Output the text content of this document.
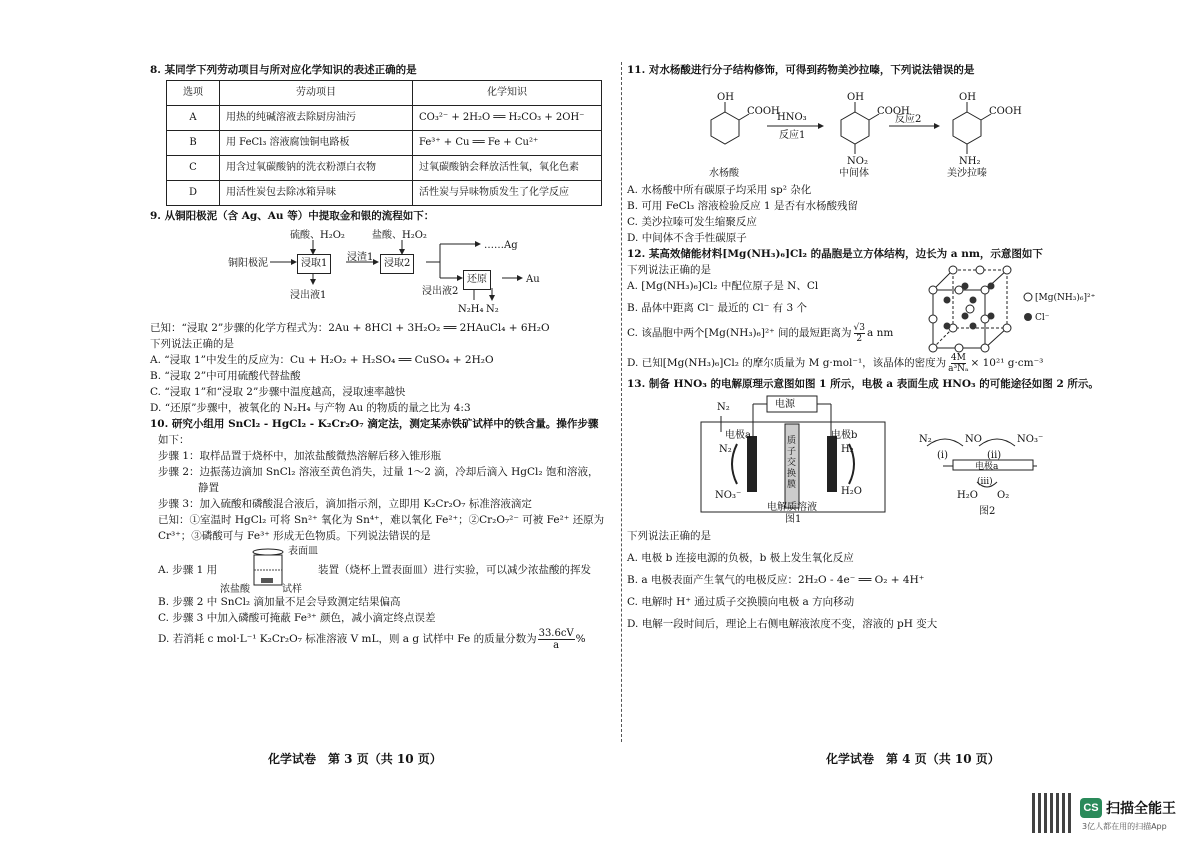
8. 某同学下列劳动项目与所对应化学知识的表述正确的是
选项	劳动项目	化学知识
A	用热的纯碱溶液去除厨房油污	CO₃²⁻ + 2H₂O ══ H₂CO₃ + 2OH⁻
B	用 FeCl₃ 溶液腐蚀铜电路板	Fe³⁺ + Cu ══ Fe + Cu²⁺
C	用含过氧碳酸钠的洗衣粉漂白衣物	过氧碳酸钠会释放活性氧，氧化色素
D	用活性炭包去除冰箱异味	活性炭与异味物质发生了化学反应
9. 从铜阳极泥（含 Ag、Au 等）中提取金和银的流程如下：
铜阳极泥
硫酸、H₂O₂
浸取1
浸出液1
浸渣1
盐酸、H₂O₂
浸取2
……Ag
浸出液2
还原	Au
N₂H₄ N₂
已知：“浸取 2”步骤的化学方程式为：2Au + 8HCl + 3H₂O₂ ══ 2HAuCl₄ + 6H₂O
下列说法正确的是
A. “浸取 1”中发生的反应为：Cu + H₂O₂ + H₂SO₄ ══ CuSO₄ + 2H₂O
B. “浸取 2”中可用硫酸代替盐酸
C. “浸取 1”和“浸取 2”步骤中温度越高，浸取速率越快
D. “还原”步骤中，被氧化的 N₂H₄ 与产物 Au 的物质的量之比为 4:3
10. 研究小组用 SnCl₂ - HgCl₂ - K₂Cr₂O₇ 滴定法，测定某赤铁矿试样中的铁含量。操作步骤
如下：
步骤 1：取样品置于烧杯中，加浓盐酸微热溶解后移入锥形瓶
步骤 2：边振荡边滴加 SnCl₂ 溶液至黄色消失，过量 1～2 滴，冷却后滴入 HgCl₂ 饱和溶液，
静置
步骤 3：加入硫酸和磷酸混合液后，滴加指示剂，立即用 K₂Cr₂O₇ 标准溶液滴定
已知：①室温时 HgCl₂ 可将 Sn²⁺ 氧化为 Sn⁴⁺，难以氧化 Fe²⁺；②Cr₂O₇²⁻ 可被 Fe²⁺ 还原为
Cr³⁺；③磷酸可与 Fe³⁺ 形成无色物质。下列说法错误的是
A. 步骤 1 用
表面皿
浓盐酸	试样
装置（烧杯上置表面皿）进行实验，可以减少浓盐酸的挥发
B. 步骤 2 中 SnCl₂ 滴加量不足会导致测定结果偏高
C. 步骤 3 中加入磷酸可掩蔽 Fe³⁺ 颜色，减小滴定终点误差
D. 若消耗 c mol·L⁻¹ K₂Cr₂O₇ 标准溶液 V mL，则 a g 试样中 Fe 的质量分数为 $\frac{33.6cV}{a}$ %
11. 对水杨酸进行分子结构修饰，可得到药物美沙拉嗪，下列说法错误的是
OH
COOH
HNO₃
反应1
OH
COOH
NO₂
反应2
OH
COOH
NH₂
水杨酸	中间体	美沙拉嗪
A. 水杨酸中所有碳原子均采用 sp² 杂化
B. 可用 FeCl₃ 溶液检验反应 1 是否有水杨酸残留
C. 美沙拉嗪可发生缩聚反应
D. 中间体不含手性碳原子
12. 某高效储能材料[Mg(NH₃)₆]Cl₂ 的晶胞是立方体结构，边长为 a nm，示意图如下
下列说法正确的是
A. [Mg(NH₃)₆]Cl₂ 中配位原子是 N、Cl
B. 晶体中距离 Cl⁻ 最近的 Cl⁻ 有 3 个
C. 该晶胞中两个[Mg(NH₃)₆]²⁺ 间的最短距离为 $\frac{√3}{2}$ a nm
D. 已知[Mg(NH₃)₆]Cl₂ 的摩尔质量为 M g·mol⁻¹，该晶体的密度为 $\frac{4M}{\text{a³Nₐ}} \times 10^{21}$ g·cm⁻³
[Mg(NH₃)₆]²⁺
Cl⁻
13. 制备 HNO₃ 的电解原理示意图如图 1 所示，电极 a 表面生成 HNO₃ 的可能途径如图 2 所示。
电源
N₂
电极a	电极b
N₂	H₂
NO₃⁻	H₂O
质子交换膜
电解质溶液
图1
N₂	NO	NO₃⁻
(i)	(ii)
电极a
(iii)
H₂O O₂
图2
下列说法正确的是
A. 电极 b 连接电源的负极，b 极上发生氧化反应
B. a 电极表面产生氧气的电极反应：2H₂O - 4e⁻ ══ O₂ + 4H⁺
C. 电解时 H⁺ 通过质子交换膜向电极 a 方向移动
D. 电解一段时间后，理论上右侧电解液浓度不变，溶液的 pH 变大
化学试卷　第 3 页（共 10 页）	化学试卷　第 4 页（共 10 页）
CS 扫描全能王
3亿人都在用的扫描App
